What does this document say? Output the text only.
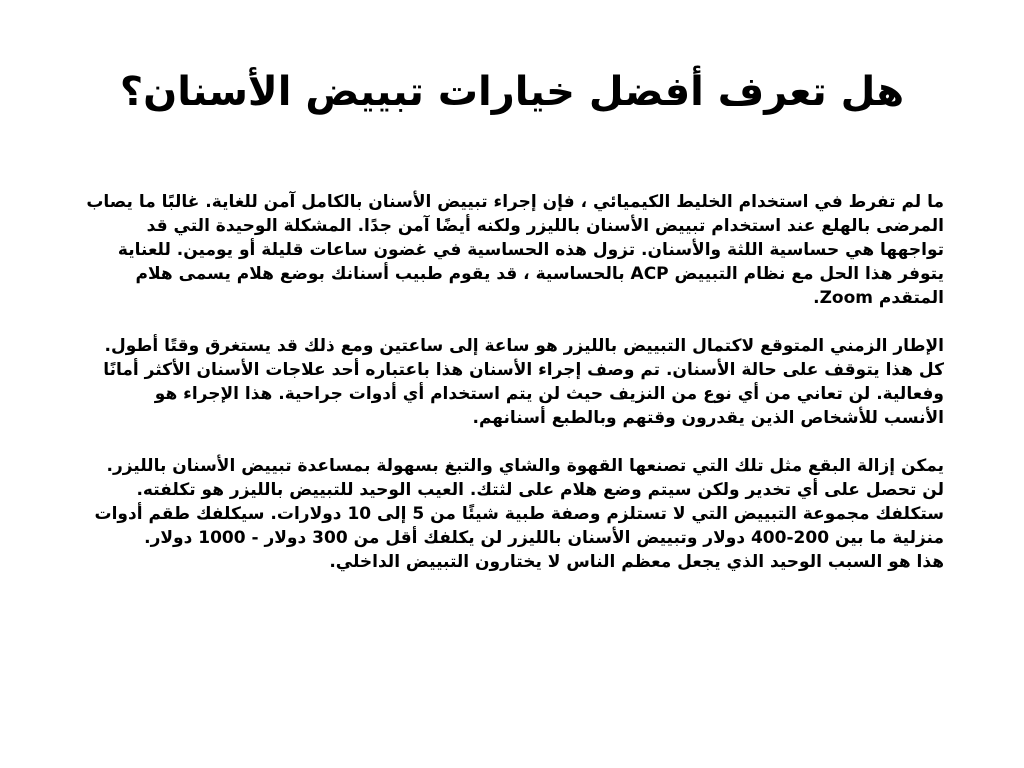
هل تعرف أفضل خيارات تبييض الأسنان؟

ما لم تفرط في استخدام الخليط الكيميائي ، فإن إجراء تبييض الأسنان بالكامل آمن للغاية. غالبًا ما يصاب
المرضى بالهلع عند استخدام تبييض الأسنان بالليزر ولكنه أيضًا آمن جدًا. المشكلة الوحيدة التي قد
تواجهها هي حساسية اللثة والأسنان. تزول هذه الحساسية في غضون ساعات قليلة أو يومين. للعناية
يتوفر هذا الحل مع نظام التبييض ACP بالحساسية ، قد يقوم طبيب أسنانك بوضع هلام يسمى هلام
المتقدم Zoom.

الإطار الزمني المتوقع لاكتمال التبييض بالليزر هو ساعة إلى ساعتين ومع ذلك قد يستغرق وقتًا أطول.
كل هذا يتوقف على حالة الأسنان. تم وصف إجراء الأسنان هذا باعتباره أحد علاجات الأسنان الأكثر أمانًا
وفعالية. لن تعاني من أي نوع من النزيف حيث لن يتم استخدام أي أدوات جراحية. هذا الإجراء هو
الأنسب للأشخاص الذين يقدرون وقتهم وبالطبع أسنانهم.

يمكن إزالة البقع مثل تلك التي تصنعها القهوة والشاي والتبغ بسهولة بمساعدة تبييض الأسنان بالليزر.
لن تحصل على أي تخدير ولكن سيتم وضع هلام على لثتك. العيب الوحيد للتبييض بالليزر هو تكلفته.
ستكلفك مجموعة التبييض التي لا تستلزم وصفة طبية شيئًا من 5 إلى 10 دولارات. سيكلفك طقم أدوات
منزلية ما بين 200-400 دولار وتبييض الأسنان بالليزر لن يكلفك أقل من 300 دولار - 1000 دولار.
هذا هو السبب الوحيد الذي يجعل معظم الناس لا يختارون التبييض الداخلي.
